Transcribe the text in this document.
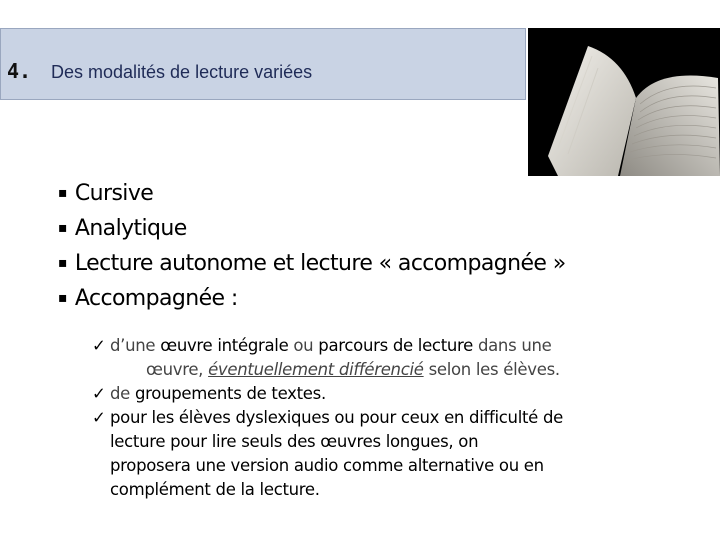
4. Des modalités de lecture variées
▪ Cursive
▪ Analytique
▪ Lecture autonome et lecture « accompagnée »
▪ Accompagnée :
✓ d’une œuvre intégrale ou parcours de lecture dans une
œuvre, éventuellement différencié selon les élèves.
✓ de groupements de textes.
✓ pour les élèves dyslexiques ou pour ceux en difficulté de
lecture pour lire seuls des œuvres longues, on
proposera une version audio comme alternative ou en
complément de la lecture.
